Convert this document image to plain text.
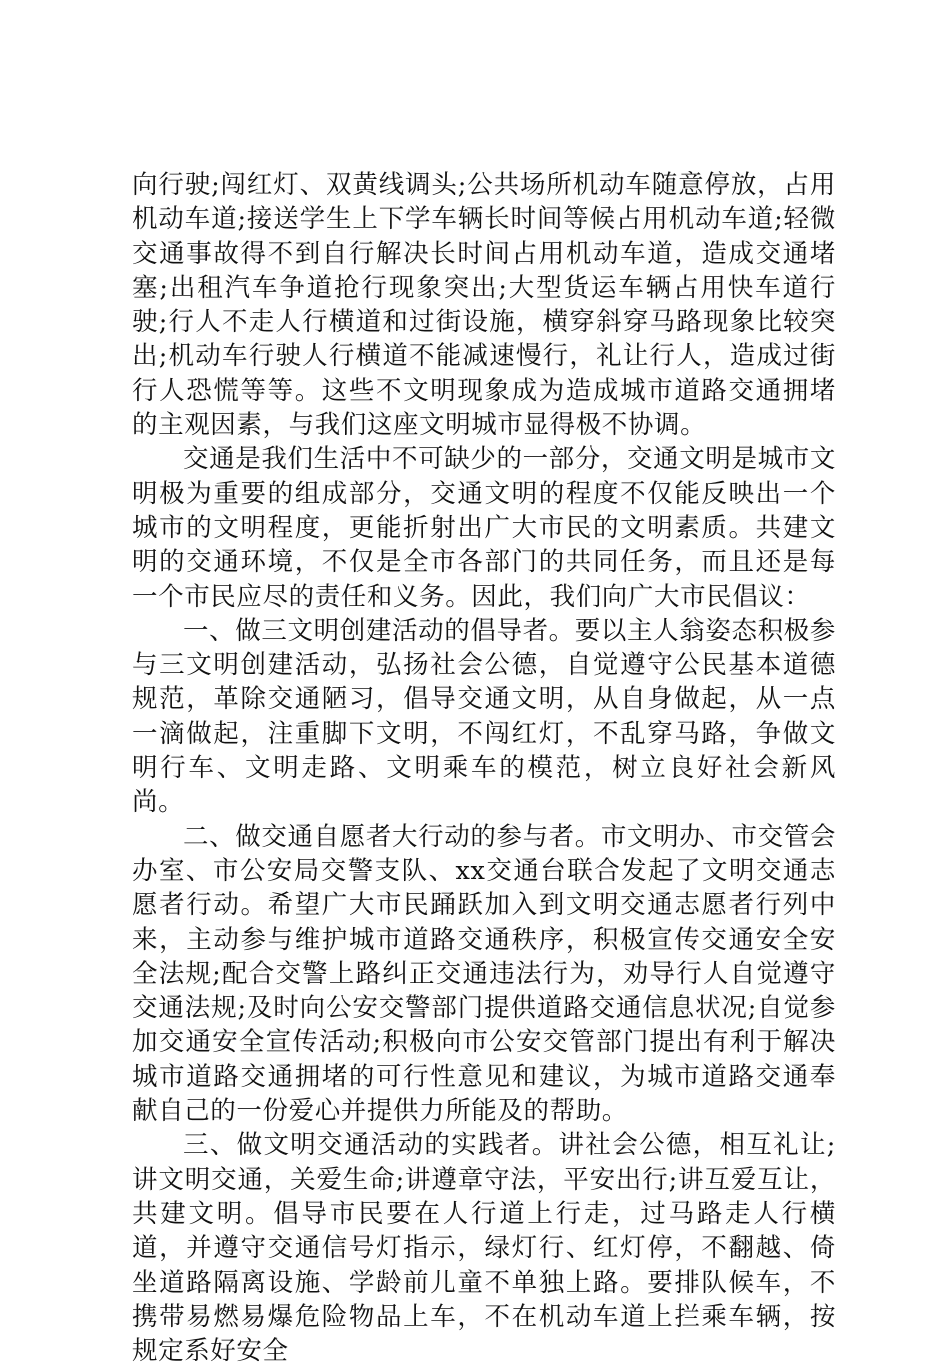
向行驶;闯红灯、双黄线调头;公共场所机动车随意停放，占用机动车道;接送学生上下学车辆长时间等候占用机动车道;轻微交通事故得不到自行解决长时间占用机动车道，造成交通堵塞;出租汽车争道抢行现象突出;大型货运车辆占用快车道行驶;行人不走人行横道和过街设施，横穿斜穿马路现象比较突出;机动车行驶人行横道不能减速慢行，礼让行人，造成过街行人恐慌等等。这些不文明现象成为造成城市道路交通拥堵的主观因素，与我们这座文明城市显得极不协调。

交通是我们生活中不可缺少的一部分，交通文明是城市文明极为重要的组成部分，交通文明的程度不仅能反映出一个城市的文明程度，更能折射出广大市民的文明素质。共建文明的交通环境，不仅是全市各部门的共同任务，而且还是每一个市民应尽的责任和义务。因此，我们向广大市民倡议：

一、做三文明创建活动的倡导者。要以主人翁姿态积极参与三文明创建活动，弘扬社会公德，自觉遵守公民基本道德规范，革除交通陋习，倡导交通文明，从自身做起，从一点一滴做起，注重脚下文明，不闯红灯，不乱穿马路，争做文明行车、文明走路、文明乘车的模范，树立良好社会新风尚。

二、做交通自愿者大行动的参与者。市文明办、市交管会办室、市公安局交警支队、xx交通台联合发起了文明交通志愿者行动。希望广大市民踊跃加入到文明交通志愿者行列中来，主动参与维护城市道路交通秩序，积极宣传交通安全安全法规;配合交警上路纠正交通违法行为，劝导行人自觉遵守交通法规;及时向公安交警部门提供道路交通信息状况;自觉参加交通安全宣传活动;积极向市公安交管部门提出有利于解决城市道路交通拥堵的可行性意见和建议，为城市道路交通奉献自己的一份爱心并提供力所能及的帮助。

三、做文明交通活动的实践者。讲社会公德，相互礼让;讲文明交通，关爱生命;讲遵章守法，平安出行;讲互爱互让，共建文明。倡导市民要在人行道上行走，过马路走人行横道，并遵守交通信号灯指示，绿灯行、红灯停，不翻越、倚坐道路隔离设施、学龄前儿童不单独上路。要排队候车，不携带易燃易爆危险物品上车，不在机动车道上拦乘车辆，按规定系好安全
